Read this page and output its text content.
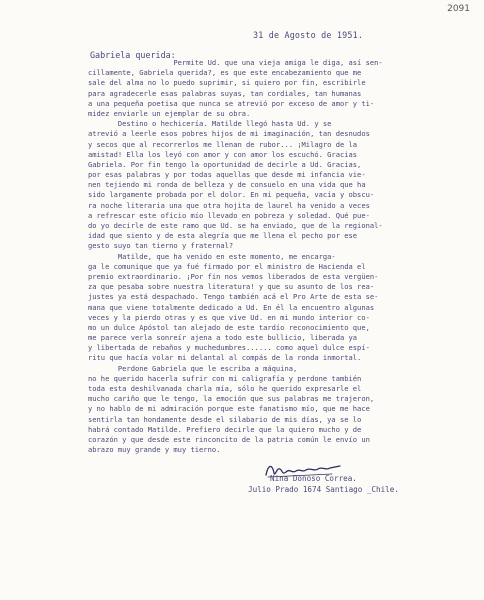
2091
31 de Agosto de 1951.
Gabriela querida:
Permite Ud. que una vieja amiga le diga, así sen-
cillamente, Gabriela querida?, es que este encabezamiento que me
sale del alma no lo puedo suprimir, si quiero por fin, escribirle
para agradecerle esas palabras suyas, tan cordiales, tan humanas
a una pequeña poetisa que nunca se atrevió por exceso de amor y ti-
midez enviarle un ejemplar de su obra.
Destino o hechicería. Matilde llegó hasta Ud. y se
atrevió a leerle esos pobres hijos de mi imaginación, tan desnudos
y secos que al recorrerlos me llenan de rubor... ¡Milagro de la
amistad! Ella los leyó con amor y con amor los escuchó. Gracias
Gabriela. Por fin tengo la oportunidad de decirle a Ud. Gracias,
por esas palabras y por todas aquellas que desde mi infancia vie-
nen tejiendo mi ronda de belleza y de consuelo en una vida que ha
sido largamente probada por el dolor. En mi pequeña, vacía y obscu-
ra noche literaria una que otra hojita de laurel ha venido a veces
a refrescar este oficio mío llevado en pobreza y soledad. Qué pue-
do yo decirle de este ramo que Ud. se ha enviado, que de la regional-
idad que siento y de esta alegría que me llena el pecho por ese
gesto suyo tan tierno y fraternal?
Matilde, que ha venido en este momento, me encarga-
ga le comunique que ya fué firmado por el ministro de Hacienda el
premio extraordinario. ¡Por fin nos vemos liberados de esta vergüen-
za que pesaba sobre nuestra literatura! y que su asunto de los rea-
justes ya está despachado. Tengo también acá el Pro Arte de esta se-
mana que viene totalmente dedicado a Ud. En él la encuentro algunas
veces y la pierdo otras y es que vive Ud. en mi mundo interior co-
mo un dulce Apóstol tan alejado de este tardío reconocimiento que,
me parece verla sonreír ajena a todo este bullicio, liberada ya
y libertada de rebaños y muchedumbres...... como aquel dulce espí-
ritu que hacía volar mi delantal al compás de la ronda inmortal.
Perdone Gabriela que le escriba a máquina,
no he querido hacerla sufrir con mi caligrafía y perdone también
toda esta deshilvanada charla mía, sólo he querido expresarle el
mucho cariño que le tengo, la emoción que sus palabras me trajeron,
y no hablo de mi admiración porque este fanatismo mío, que me hace
sentirla tan hondamente desde el silabario de mis días, ya se lo
habrá contado Matilde. Prefiero decirle que la quiero mucho y de
corazón y que desde este rinconcito de la patria común le envío un
abrazo muy grande y muy tierno.
Nina Donoso Correa.
Julio Prado 1674 Santiago _Chile.
